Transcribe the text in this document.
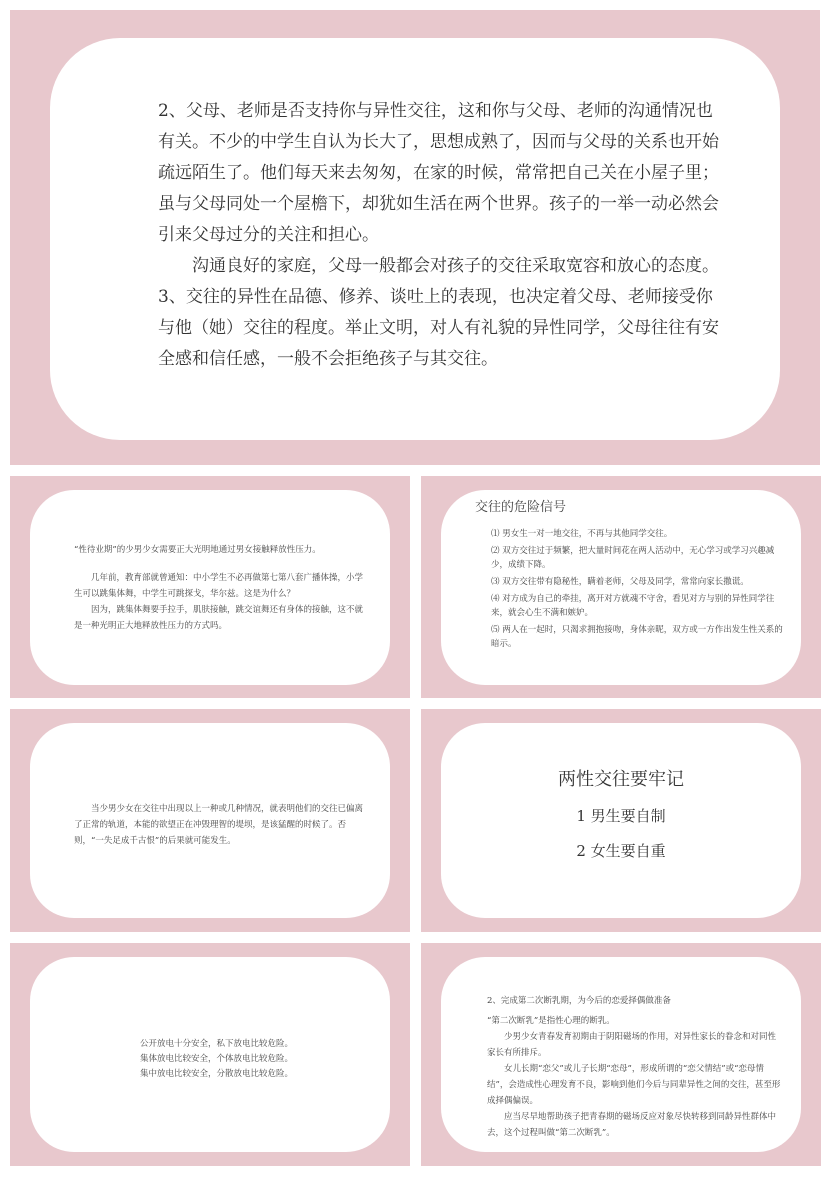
2、父母、老师是否支持你与异性交往，这和你与父母、老师的沟通情况也有关。不少的中学生自认为长大了，思想成熟了，因而与父母的关系也开始疏远陌生了。他们每天来去匆匆，在家的时候，常常把自己关在小屋子里；虽与父母同处一个屋檐下，却犹如生活在两个世界。孩子的一举一动必然会引来父母过分的关注和担心。

　　沟通良好的家庭，父母一般都会对孩子的交往采取宽容和放心的态度。

3、交往的异性在品德、修养、谈吐上的表现，也决定着父母、老师接受你与他（她）交往的程度。举止文明，对人有礼貌的异性同学，父母往往有安全感和信任感，一般不会拒绝孩子与其交往。

“性待业期”的少男少女需要正大光明地通过男女接触释放性压力。

　　几年前，教育部就曾通知：中小学生不必再做第七第八套广播体操，小学生可以跳集体舞，中学生可跳探戈，华尔兹。这是为什么？

　　因为，跳集体舞要手拉手，肌肤接触，跳交谊舞还有身体的接触，这不就是一种光明正大地释放性压力的方式吗。

交往的危险信号

⑴ 男女生一对一地交往，不再与其他同学交往。

⑵ 双方交往过于频繁，把大量时间花在两人活动中，无心学习或学习兴趣减少，成绩下降。

⑶ 双方交往带有隐秘性，瞒着老师，父母及同学，常常向家长撒谎。

⑷ 对方成为自己的牵挂，离开对方就魂不守舍，看见对方与别的异性同学往来，就会心生不满和嫉妒。

⑸ 两人在一起时，只渴求拥抱接吻，身体亲昵，双方或一方作出发生性关系的暗示。

　　当少男少女在交往中出现以上一种或几种情况，就表明他们的交往已偏离了正常的轨道，本能的欲望正在冲毁理智的堤坝，是该猛醒的时候了。否则，“一失足成千古恨”的后果就可能发生。

两性交往要牢记

1 男生要自制

2 女生要自重

公开放电十分安全，私下放电比较危险。

集体放电比较安全，个体放电比较危险。

集中放电比较安全，分散放电比较危险。

2、完成第二次断乳期，为今后的恋爱择偶做准备

“第二次断乳”是指性心理的断乳。

　　少男少女青春发育初期由于阴阳磁场的作用，对异性家长的眷念和对同性家长有所排斥。

　　女儿长期“恋父”或儿子长期“恋母”，形成所谓的“恋父情结”或“恋母情结”，会造成性心理发育不良，影响到他们今后与同辈异性之间的交往，甚至形成择偶偏误。

　　应当尽早地帮助孩子把青春期的磁场反应对象尽快转移到同龄异性群体中去，这个过程叫做“第二次断乳”。
